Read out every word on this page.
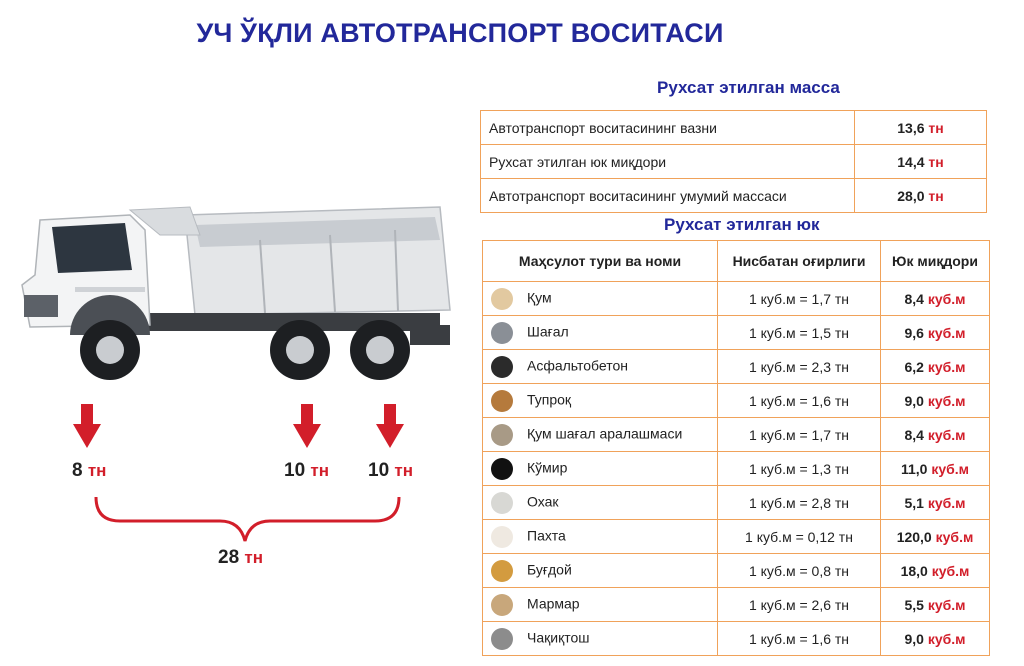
УЧ ЎҚЛИ АВТОТРАНСПОРТ ВОСИТАСИ
8 тн	10 тн 10 тн
28 тн
Рухсат этилган масса
Автотранспорт воситасининг вазни	13,6 тн
Рухсат этилган юк миқдори	14,4 тн
Автотранспорт воситасининг умумий массаси	28,0 тн
Рухсат этилган юк
Маҳсулот тури ва номи	Нисбатан оғирлиги	Юк миқдори
Қум	1 куб.м = 1,7 тн	8,4 куб.м
Шағал	1 куб.м = 1,5 тн	9,6 куб.м
Асфальтобетон	1 куб.м = 2,3 тн	6,2 куб.м
Тупроқ	1 куб.м = 1,6 тн	9,0 куб.м
Қум шағал аралашмаси	1 куб.м = 1,7 тн	8,4 куб.м
Кўмир	1 куб.м = 1,3 тн	11,0 куб.м
Охак	1 куб.м = 2,8 тн	5,1 куб.м
Пахта	1 куб.м = 0,12 тн	120,0 куб.м
Буғдой	1 куб.м = 0,8 тн	18,0 куб.м
Мармар	1 куб.м = 2,6 тн	5,5 куб.м
Чақиқтош	1 куб.м = 1,6 тн	9,0 куб.м
